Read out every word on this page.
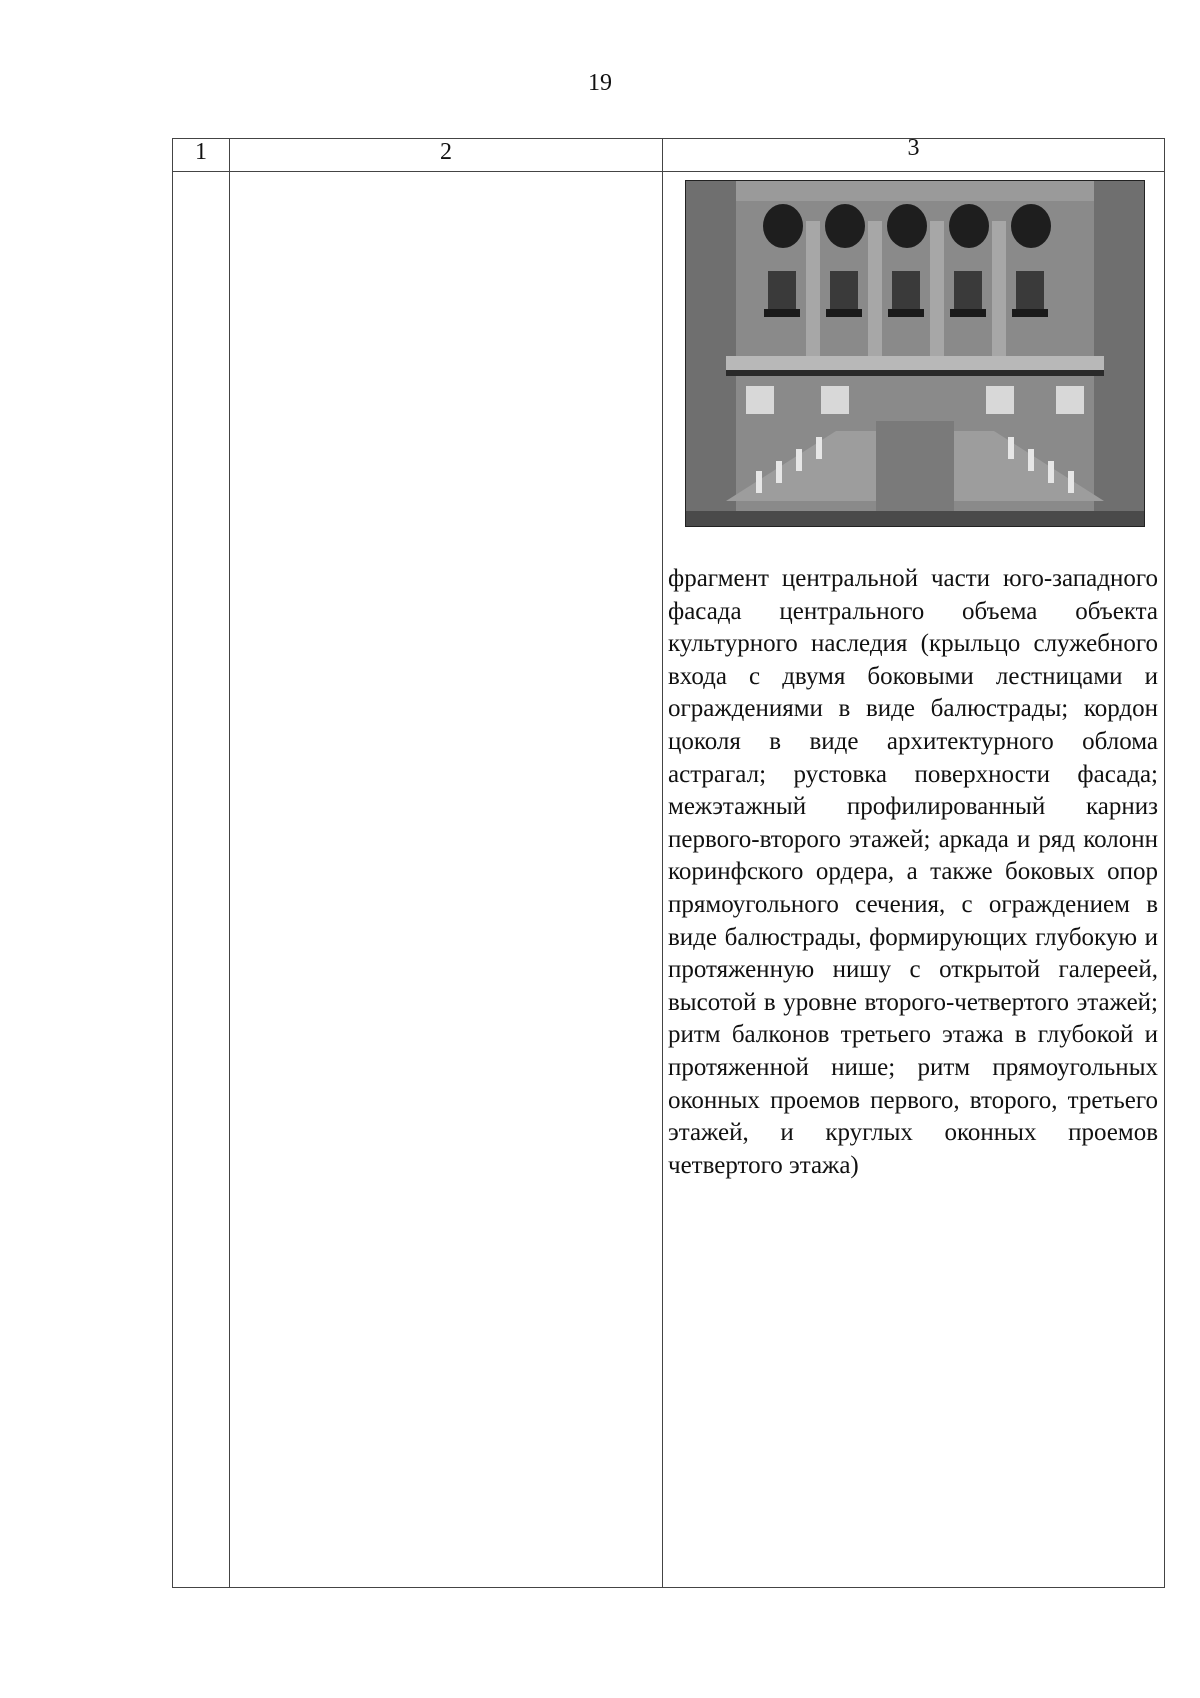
19
1	2	3

		фрагмент центральной части юго-западного фасада центрального объема объекта культурного наследия (крыльцо служебного входа с двумя боковыми лестницами и ограждениями в виде балюстрады; кордон цоколя в виде архитектурного облома астрагал; рустовка поверхности фасада; межэтажный профилированный карниз первого-второго этажей; аркада и ряд колонн коринфского ордера, а также боковых опор прямоугольного сечения, с ограждением в виде балюстрады, формирующих глубокую и протяженную нишу с открытой галереей, высотой в уровне второго-четвертого этажей; ритм балконов третьего этажа в глубокой и протяженной нише; ритм прямоугольных оконных проемов первого, второго, третьего этажей, и круглых оконных проемов четвертого этажа)
